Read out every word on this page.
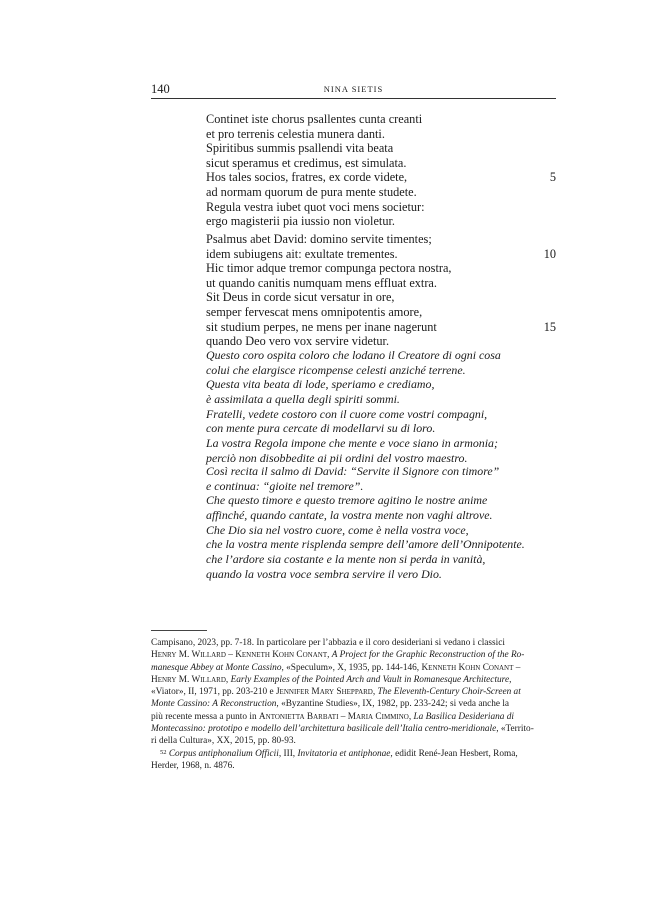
140	NINA SIETIS
Continet iste chorus psallentes cunta creanti
et pro terrenis celestia munera danti.
Spiritibus summis psallendi vita beata
sicut speramus et credimus, est simulata.
Hos tales socios, fratres, ex corde videte,	5
ad normam quorum de pura mente studete.
Regula vestra iubet quot voci mens societur:
ergo magisterii pia iussio non violetur.
Psalmus abet David: domino servite timentes;
idem subiugens ait: exultate trementes.	10
Hic timor adque tremor compunga pectora nostra,
ut quando canitis numquam mens effluat extra.
Sit Deus in corde sicut versatur in ore,
semper fervescat mens omnipotentis amore,
sit studium perpes, ne mens per inane nagerunt	15
quando Deo vero vox servire videtur.
Questo coro ospita coloro che lodano il Creatore di ogni cosa
colui che elargisce ricompense celesti anziché terrene.
Questa vita beata di lode, speriamo e crediamo,
è assimilata a quella degli spiriti sommi.
Fratelli, vedete costoro con il cuore come vostri compagni,
con mente pura cercate di modellarvi su di loro.
La vostra Regola impone che mente e voce siano in armonia;
perciò non disobbedite ai pii ordini del vostro maestro.
Così recita il salmo di David: “Servite il Signore con timore”
e continua: “gioite nel tremore”.
Che questo timore e questo tremore agitino le nostre anime
affinché, quando cantate, la vostra mente non vaghi altrove.
Che Dio sia nel vostro cuore, come è nella vostra voce,
che la vostra mente risplenda sempre dell’amore dell’Onnipotente.
che l’ardore sia costante e la mente non si perda in vanità,
quando la vostra voce sembra servire il vero Dio.
Campisano, 2023, pp. 7-18. In particolare per l’abbazia e il coro desideriani si vedano i classici
Henry M. Willard – Kenneth Kohn Conant, A Project for the Graphic Reconstruction of the Ro-
manesque Abbey at Monte Cassino, «Speculum», X, 1935, pp. 144-146, Kenneth Kohn Conant –
Henry M. Willard, Early Examples of the Pointed Arch and Vault in Romanesque Architecture,
«Viator», II, 1971, pp. 203-210 e Jennifer Mary Sheppard, The Eleventh-Century Choir-Screen at
Monte Cassino: A Reconstruction, «Byzantine Studies», IX, 1982, pp. 233-242; si veda anche la
più recente messa a punto in Antonietta Barbati – Maria Cimmino, La Basilica Desideriana di
Montecassino: prototipo e modello dell’architettura basilicale dell’Italia centro-meridionale, «Territo-
ri della Cultura», XX, 2015, pp. 80-93.
$^{52}$ Corpus antiphonalium Officii, III, Invitatoria et antiphonae, edidit René-Jean Hesbert, Roma,
Herder, 1968, n. 4876.
